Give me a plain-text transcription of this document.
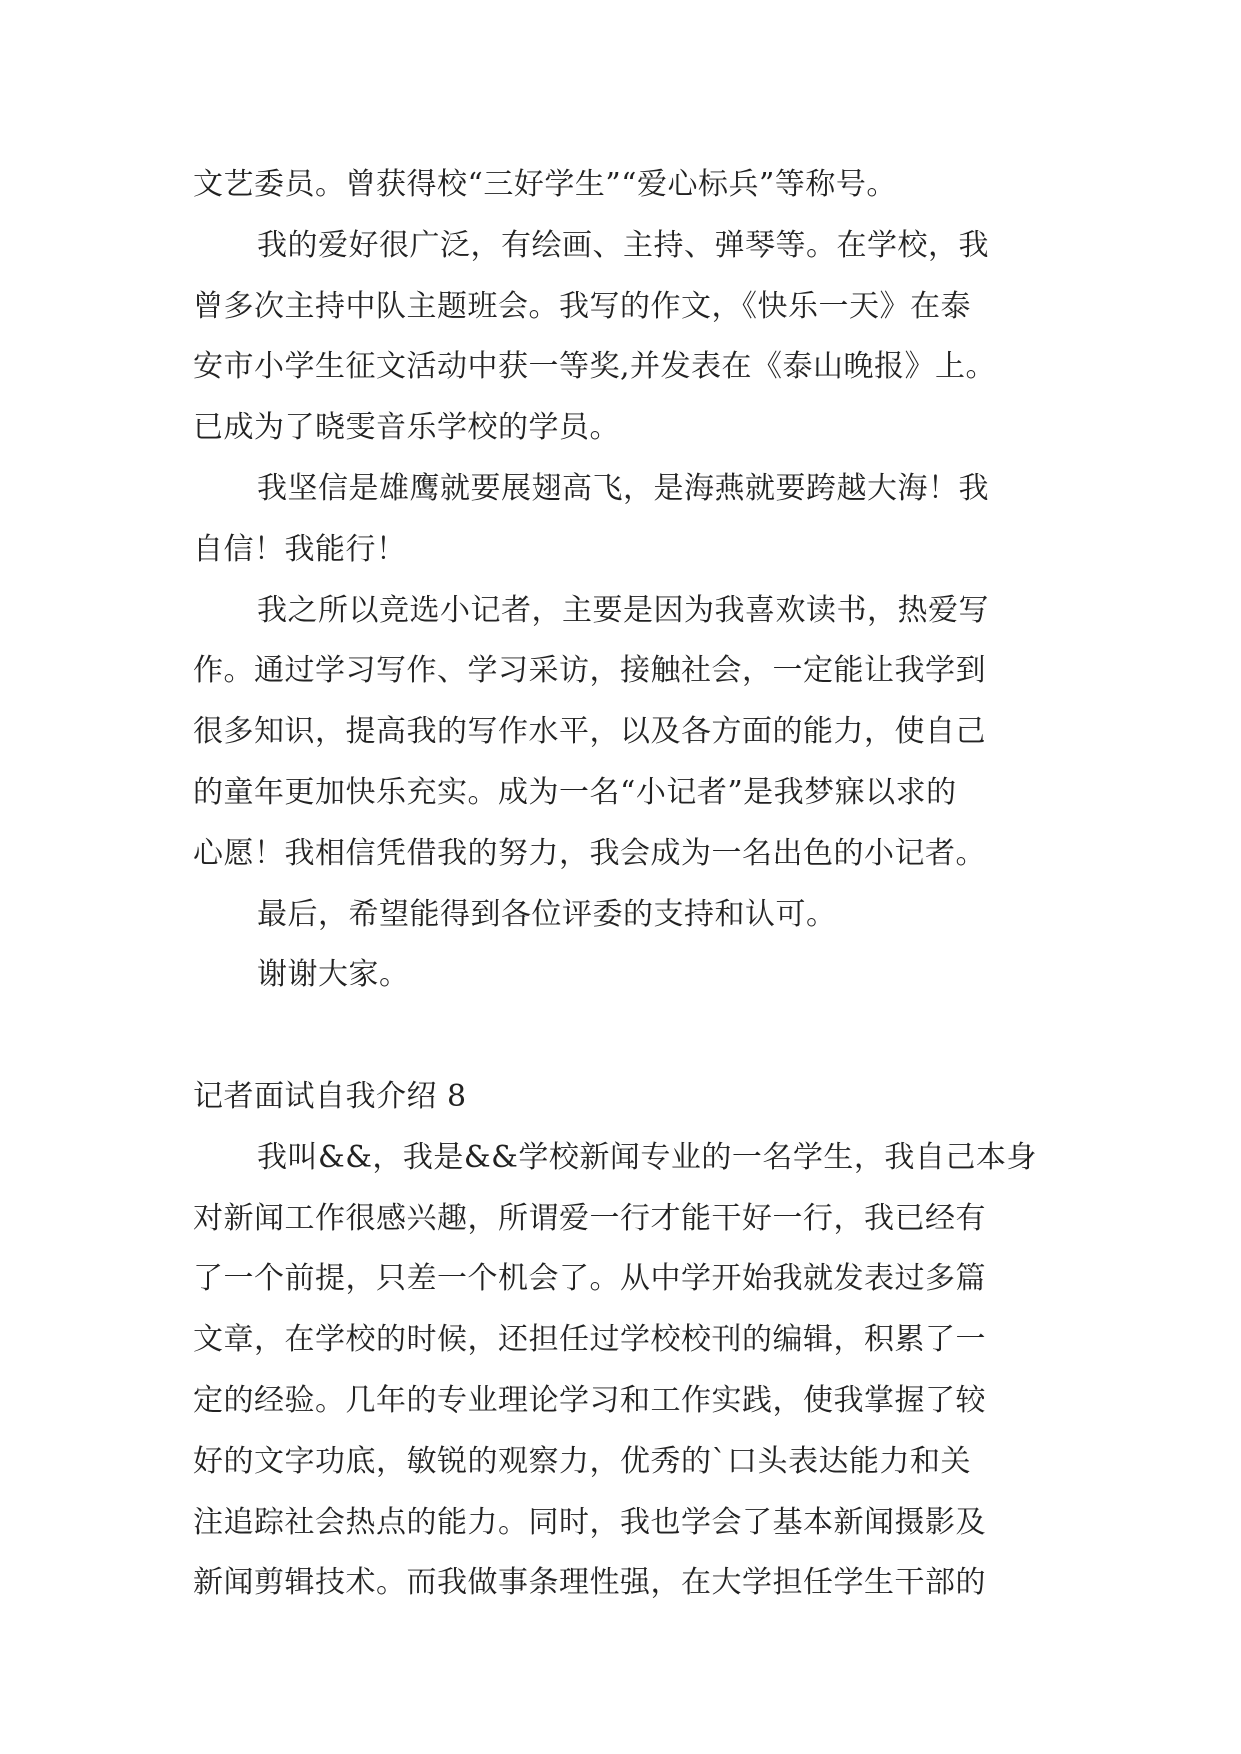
文艺委员。曾获得校“三好学生”“爱心标兵”等称号。
我的爱好很广泛，有绘画、主持、弹琴等。在学校，我
曾多次主持中队主题班会。我写的作文，《快乐一天》在泰
安市小学生征文活动中获一等奖,并发表在《泰山晚报》上。
已成为了晓雯音乐学校的学员。
我坚信是雄鹰就要展翅高飞，是海燕就要跨越大海！我
自信！我能行！
我之所以竞选小记者，主要是因为我喜欢读书，热爱写
作。通过学习写作、学习采访，接触社会，一定能让我学到
很多知识，提高我的写作水平，以及各方面的能力，使自己
的童年更加快乐充实。成为一名“小记者”是我梦寐以求的
心愿！我相信凭借我的努力，我会成为一名出色的小记者。
最后，希望能得到各位评委的支持和认可。
谢谢大家。
记者面试自我介绍 8
我叫&&，我是&&学校新闻专业的一名学生，我自己本身
对新闻工作很感兴趣，所谓爱一行才能干好一行，我已经有
了一个前提，只差一个机会了。从中学开始我就发表过多篇
文章，在学校的时候，还担任过学校校刊的编辑，积累了一
定的经验。几年的专业理论学习和工作实践，使我掌握了较
好的文字功底，敏锐的观察力，优秀的`口头表达能力和关
注追踪社会热点的能力。同时，我也学会了基本新闻摄影及
新闻剪辑技术。而我做事条理性强，在大学担任学生干部的
